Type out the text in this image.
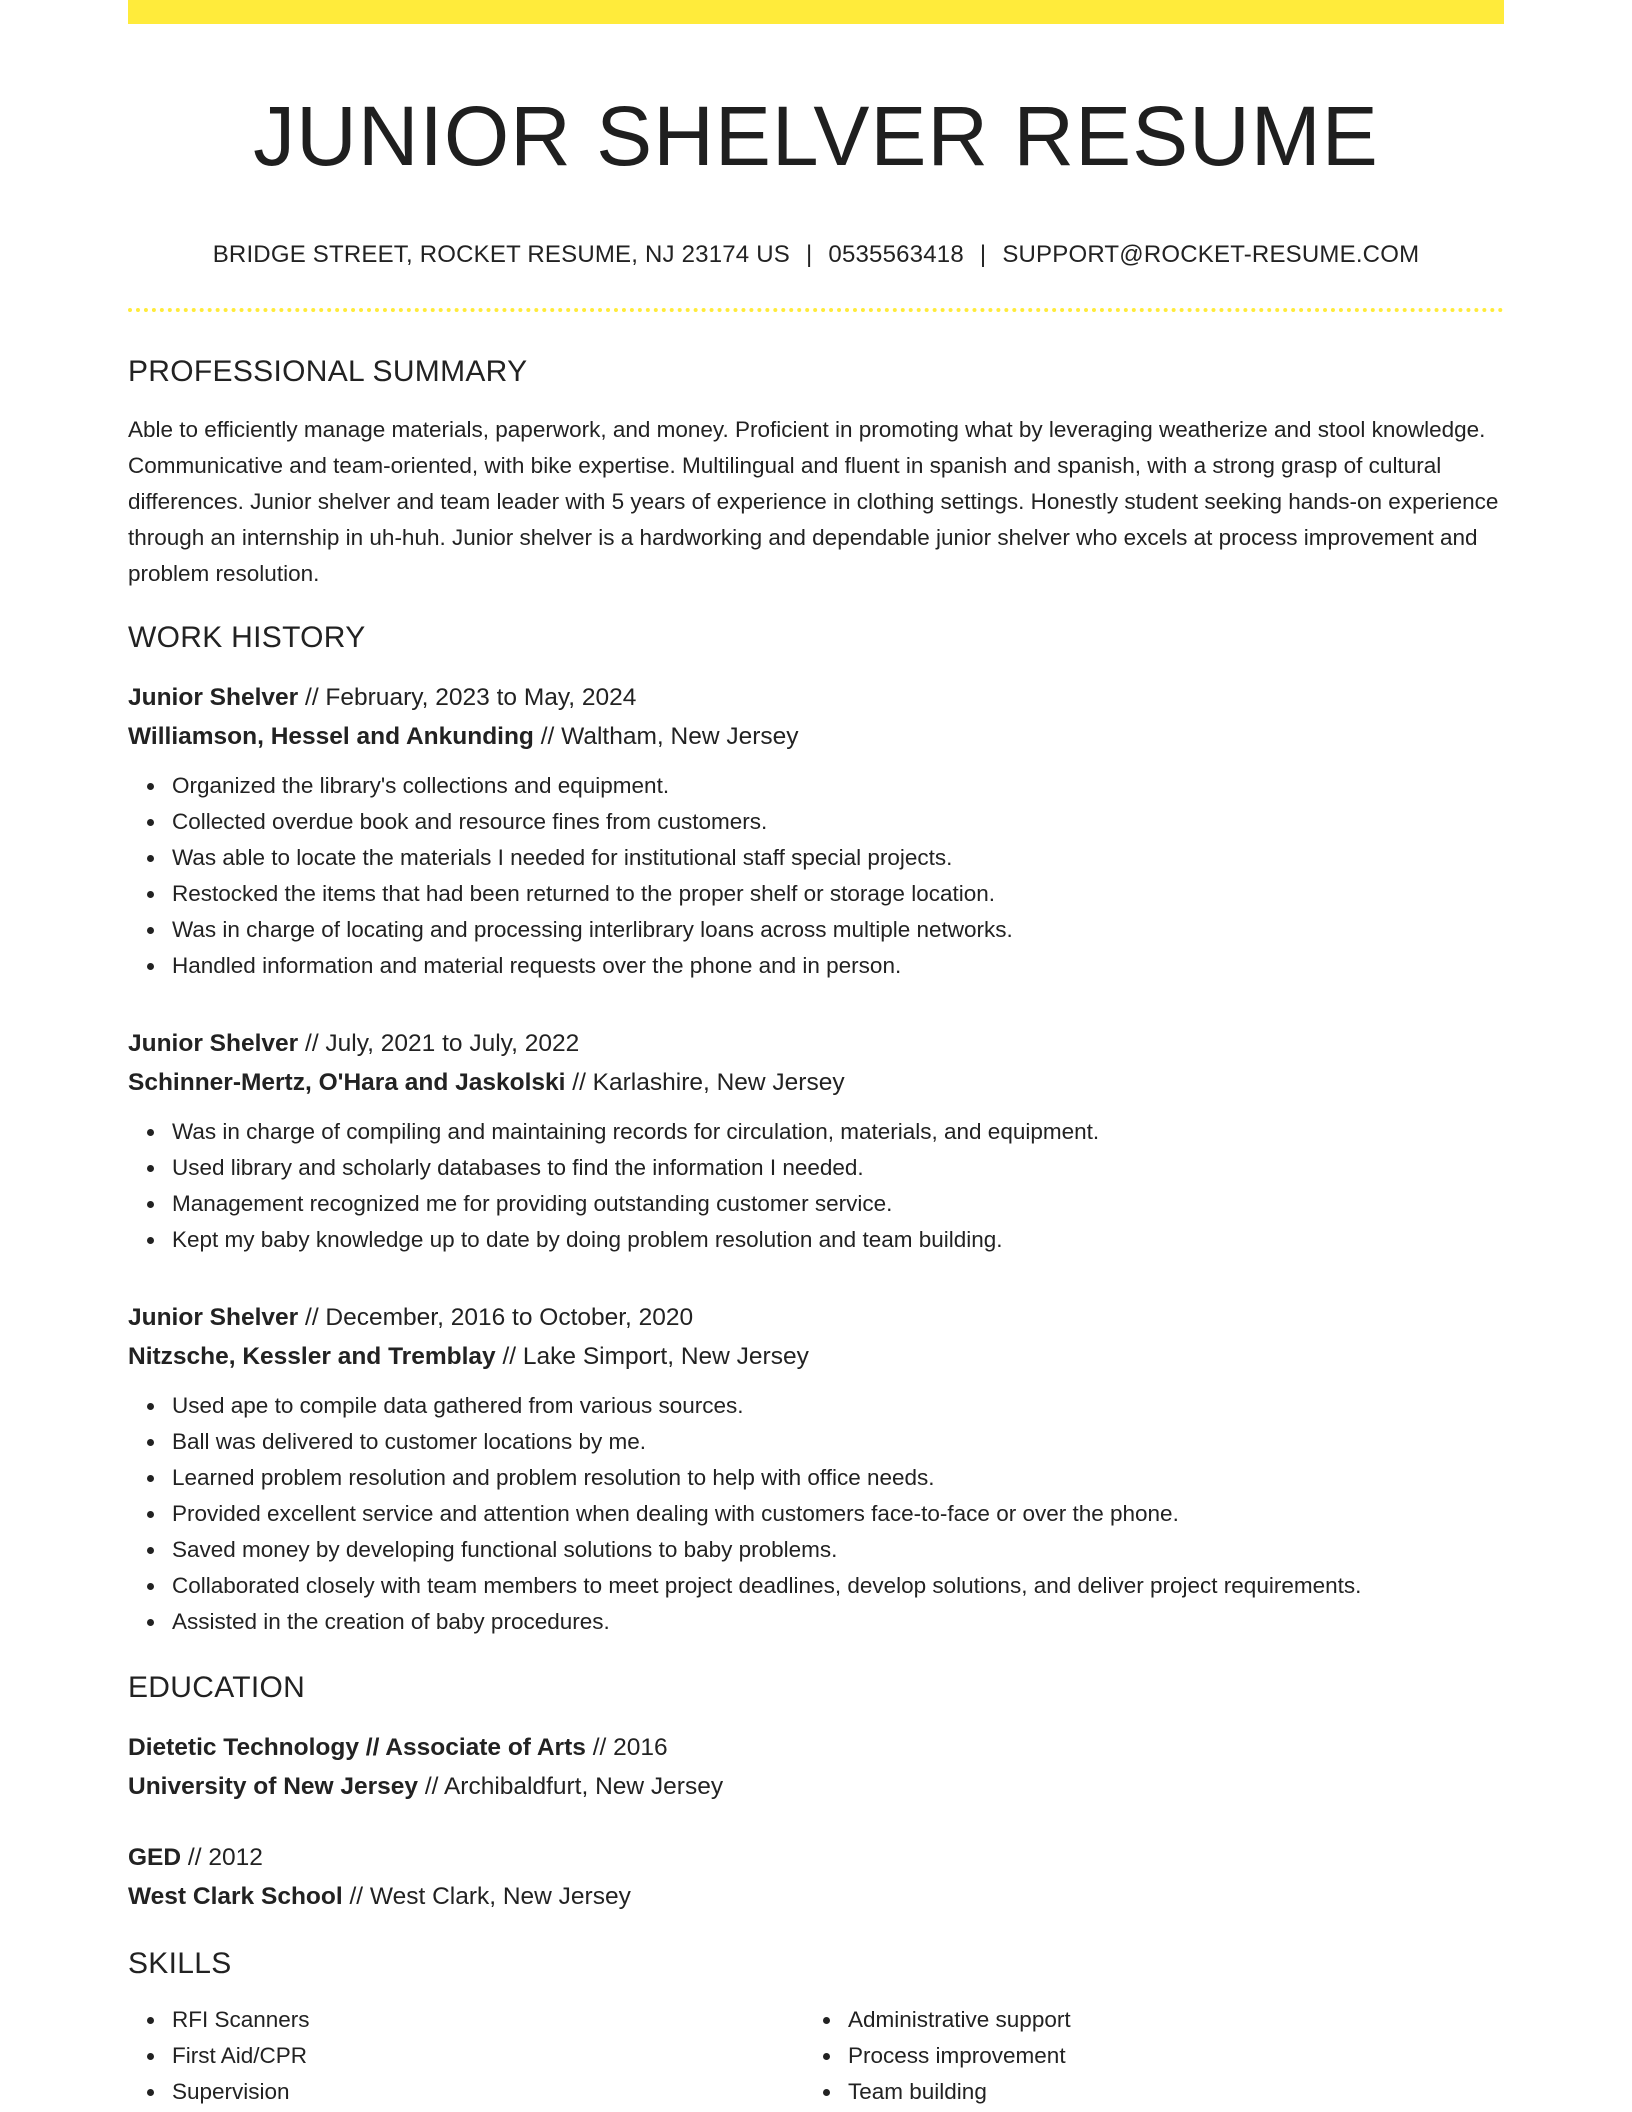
JUNIOR SHELVER RESUME
BRIDGE STREET, ROCKET RESUME, NJ 23174 US | 0535563418 | SUPPORT@ROCKET-RESUME.COM
PROFESSIONAL SUMMARY

Able to efficiently manage materials, paperwork, and money. Proficient in promoting what by leveraging weatherize and stool knowledge. Communicative and team-oriented, with bike expertise. Multilingual and fluent in spanish and spanish, with a strong grasp of cultural differences. Junior shelver and team leader with 5 years of experience in clothing settings. Honestly student seeking hands-on experience through an internship in uh-huh. Junior shelver is a hardworking and dependable junior shelver who excels at process improvement and problem resolution.

WORK HISTORY
Junior Shelver // February, 2023 to May, 2024
Williamson, Hessel and Ankunding // Waltham, New Jersey
Organized the library's collections and equipment.
Collected overdue book and resource fines from customers.
Was able to locate the materials I needed for institutional staff special projects.
Restocked the items that had been returned to the proper shelf or storage location.
Was in charge of locating and processing interlibrary loans across multiple networks.
Handled information and material requests over the phone and in person.
Junior Shelver // July, 2021 to July, 2022
Schinner-Mertz, O'Hara and Jaskolski // Karlashire, New Jersey
Was in charge of compiling and maintaining records for circulation, materials, and equipment.
Used library and scholarly databases to find the information I needed.
Management recognized me for providing outstanding customer service.
Kept my baby knowledge up to date by doing problem resolution and team building.
Junior Shelver // December, 2016 to October, 2020
Nitzsche, Kessler and Tremblay // Lake Simport, New Jersey
Used ape to compile data gathered from various sources.
Ball was delivered to customer locations by me.
Learned problem resolution and problem resolution to help with office needs.
Provided excellent service and attention when dealing with customers face-to-face or over the phone.
Saved money by developing functional solutions to baby problems.
Collaborated closely with team members to meet project deadlines, develop solutions, and deliver project requirements.
Assisted in the creation of baby procedures.
EDUCATION
Dietetic Technology // Associate of Arts // 2016
University of New Jersey // Archibaldfurt, New Jersey
GED // 2012
West Clark School // West Clark, New Jersey
SKILLS
RFI Scanners
First Aid/CPR
Supervision
Administrative support
Process improvement
Team building
